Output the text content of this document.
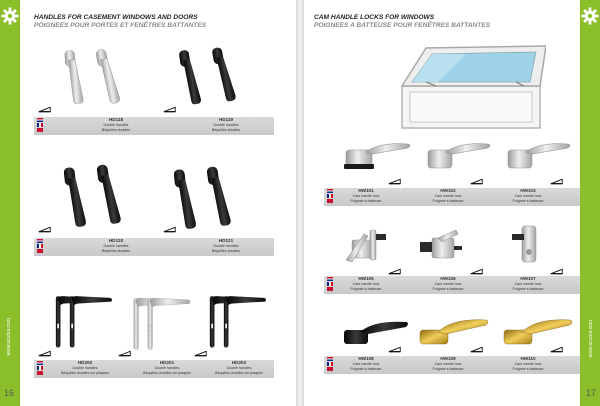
www.acunia.com
16
HANDLES FOR CASEMENT WINDOWS AND DOORS
POIGNEES POUR PORTES ET FENÊTRES BATTANTES
HD118
Double handles
Béquilles doubles
HD119
Double handles
Béquilles doubles
HD120
Double handles
Béquilles doubles
HD121
Double handles
Béquilles doubles
HD200
Double handles
Béquilles doubles sur plaques
HD201
Double handles
Béquilles doubles sur plaques
HD202
Double handles
Béquilles doubles sur plaques
www.acunia.com
17
CAM HANDLE LOCKS FOR WINDOWS
POIGNEES A BATTEUSE POUR FENÊTRES BATTANTES
HW101
Cam handle lock
Poignée à batteuse
HW102
Cam handle lock
Poignée à batteuse
HW103
Cam handle lock
Poignée à batteuse
HW105
Cam handle lock
Poignée à batteuse
HW106
Cam handle lock
Poignée à batteuse
HW107
Cam handle lock
Poignée à batteuse
HW108
Cam handle lock
Poignée à batteuse
HW109
Cam handle lock
Poignée à batteuse
HW110
Cam handle lock
Poignée à batteuse
